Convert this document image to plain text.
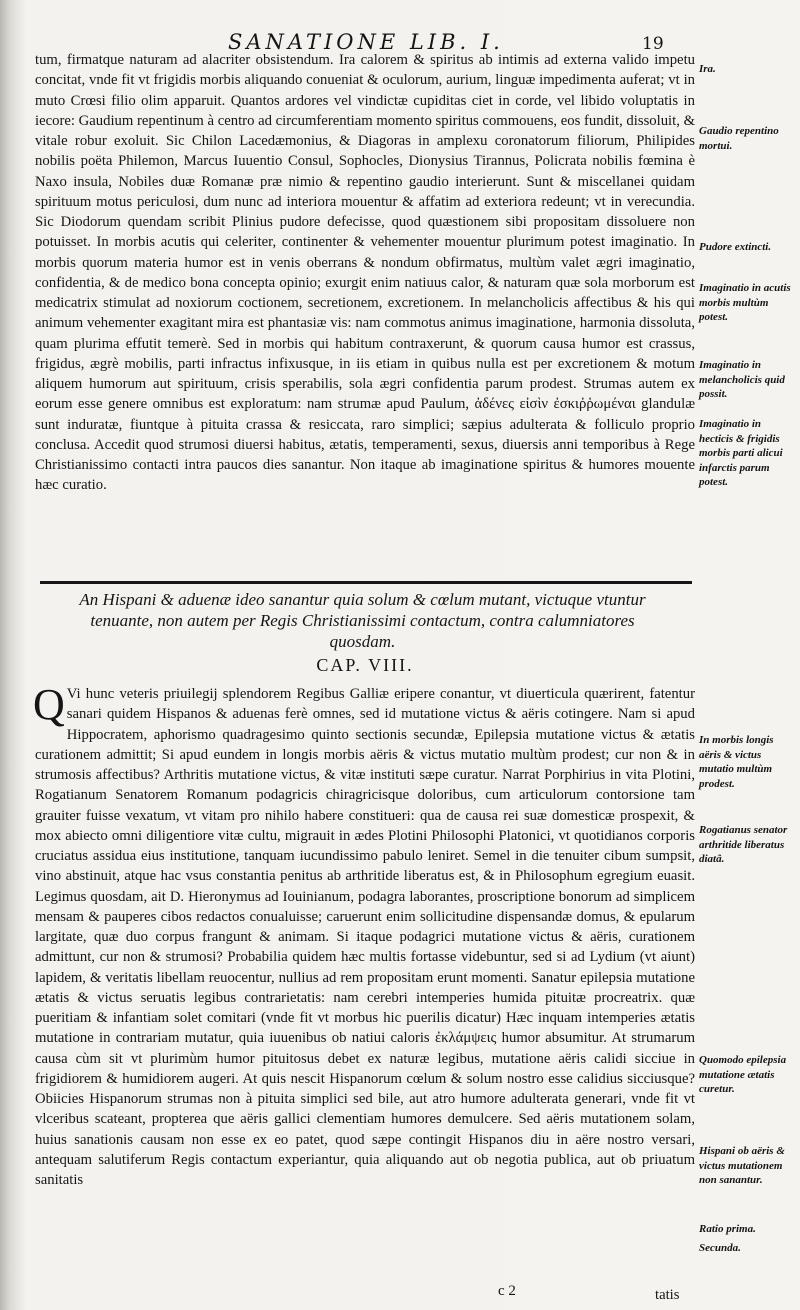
SANATIONE LIB. I.	19

tum, firmatque naturam ad alacriter obsistendum. Ira calorem & spiritus ab intimis ad externa valido impetu concitat, vnde fit vt frigidis morbis aliquando conueniat & oculorum, aurium, linguæ impedimenta auferat; vt in muto Crœsi filio olim apparuit. Quantos ardores vel vindictæ cupiditas ciet in corde, vel libido voluptatis in iecore: Gaudium repentinum à centro ad circumferentiam momento spiritus commouens, eos fundit, dissoluit, & vitale robur exoluit. Sic Chilon Lacedæmonius, & Diagoras in amplexu coronatorum filiorum, Philipides nobilis poëta Philemon, Marcus Iuuentio Consul, Sophocles, Dionysius Tirannus, Policrata nobilis fœmina è Naxo insula, Nobiles duæ Romanæ præ nimio & repentino gaudio interierunt. Sunt & miscellanei quidam spirituum motus periculosi, dum nunc ad interiora mouentur & affatim ad exteriora redeunt; vt in verecundia. Sic Diodorum quendam scribit Plinius pudore defecisse, quod quæstionem sibi propositam dissoluere non potuisset. In morbis acutis qui celeriter, continenter & vehementer mouentur plurimum potest imaginatio. In morbis quorum materia humor est in venis oberrans & nondum obfirmatus, multùm valet ægri imaginatio, confidentia, & de medico bona concepta opinio; exurgit enim natiuus calor, & naturam quæ sola morborum est medicatrix stimulat ad noxiorum coctionem, secretionem, excretionem. In melancholicis affectibus & his qui animum vehementer exagitant mira est phantasiæ vis: nam commotus animus imaginatione, harmonia dissoluta, quam plurima effutit temerè. Sed in morbis qui habitum contraxerunt, & quorum causa humor est crassus, frigidus, ægrè mobilis, parti infractus infixusque, in iis etiam in quibus nulla est per excretionem & motum aliquem humorum aut spirituum, crisis sperabilis, sola ægri confidentia parum prodest. Strumas autem ex eorum esse genere omnibus est exploratum: nam strumæ apud Paulum, ἀδένες εἰσὶν ἐσκιῤῥωμέναι glandulæ sunt induratæ, fiuntque à pituita crassa & resiccata, raro simplici; sæpius adulterata & folliculo proprio conclusa. Accedit quod strumosi diuersi habitus, ætatis, temperamenti, sexus, diuersis anni temporibus à Rege Christianissimo contacti intra paucos dies sanantur. Non itaque ab imaginatione spiritus & humores mouente hæc curatio.

An Hispani & aduenæ ideo sanantur quia solum & cœlum mutant, victuque vtuntur tenuante, non autem per Regis Christianissimi contactum, contra calumniatores quosdam.
CAP. VIII.
Q Vi hunc veteris priuilegij splendorem Regibus Galliæ eripere conantur, vt diuerticula quærirent, fatentur sanari quidem Hispanos & aduenas ferè omnes, sed id mutatione victus & aëris cotingere. Nam si apud Hippocratem, aphorismo quadragesimo quinto sectionis secundæ, Epilepsia mutatione victus & ætatis curationem admittit; Si apud eundem in longis morbis aëris & victus mutatio multùm prodest; cur non & in strumosis affectibus? Arthritis mutatione victus, & vitæ instituti sæpe curatur. Narrat Porphirius in vita Plotini, Rogatianum Senatorem Romanum podagricis chiragricisque doloribus, cum articulorum contorsione tam grauiter fuisse vexatum, vt vitam pro nihilo habere constitueri: qua de causa rei suæ domesticæ prospexit, & mox abiecto omni diligentiore vitæ cultu, migrauit in ædes Plotini Philosophi Platonici, vt quotidianos corporis cruciatus assidua eius institutione, tanquam iucundissimo pabulo leniret. Semel in die tenuiter cibum sumpsit, vino abstinuit, atque hac vsus constantia penitus ab arthritide liberatus est, & in Philosophum egregium euasit. Legimus quosdam, ait D. Hieronymus ad Iouinianum, podagra laborantes, proscriptione bonorum ad simplicem mensam & pauperes cibos redactos conualuisse; caruerunt enim sollicitudine dispensandæ domus, & epularum largitate, quæ duo corpus frangunt & animam. Si itaque podagrici mutatione victus & aëris, curationem admittunt, cur non & strumosi? Probabilia quidem hæc multis fortasse videbuntur, sed si ad Lydium (vt aiunt) lapidem, & veritatis libellam reuocentur, nullius ad rem propositam erunt momenti. Sanatur epilepsia mutatione ætatis & victus seruatis legibus contrarietatis: nam cerebri intemperies humida pituitæ procreatrix. quæ pueritiam & infantiam solet comitari (vnde fit vt morbus hic puerilis dicatur) Hæc inquam intemperies ætatis mutatione in contrariam mutatur, quia iuuenibus ob natiui caloris ἐκλάμψεις humor absumitur. At strumarum causa cùm sit vt plurimùm humor pituitosus debet ex naturæ legibus, mutatione aëris calidi sicciue in frigidiorem & humidiorem augeri. At quis nescit Hispanorum cœlum & solum nostro esse calidius sicciusque? Obiicies Hispanorum strumas non à pituita simplici sed bile, aut atro humore adulterata generari, vnde fit vt vlceribus scateant, propterea que aëris gallici clementiam humores demulcere. Sed aëris mutationem solam, huius sanationis causam non esse ex eo patet, quod sæpe contingit Hispanos diu in aëre nostro versari, antequam salutiferum Regis contactum experiantur, quia aliquando aut ob negotia publica, aut ob priuatum sanitatis

Ira.
Gaudio repentino mortui.
Pudore extincti.
Imaginatio in acutis morbis multùm potest.
Imaginatio in melancholicis quid possit.
Imaginatio in hecticis & frigidis morbis parti alicui infarctis parum potest.
In morbis longis aëris & victus mutatio multùm prodest.
Rogatianus senator arthritide liberatus diatâ.
Quomodo epilepsia mutatione ætatis curetur.
Hispani ob aëris & victus mutationem non sanantur.
Ratio prima.
Secunda.
c 2	tatis
